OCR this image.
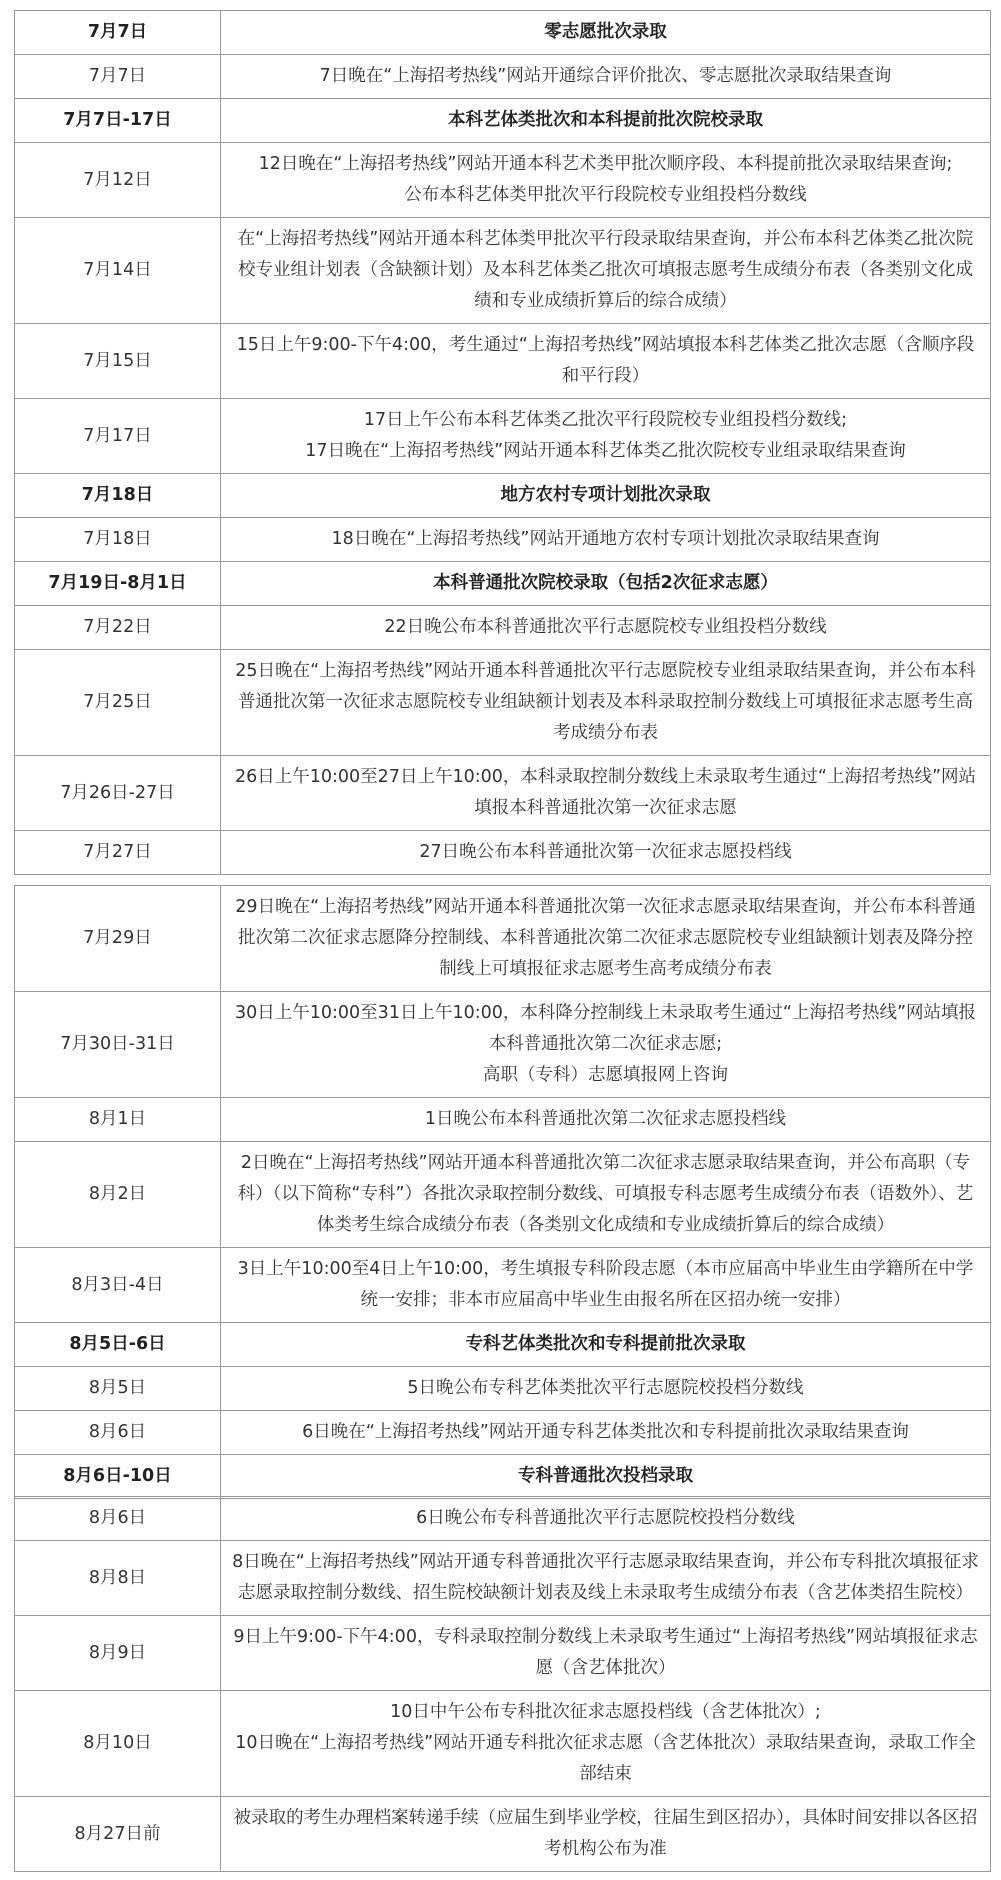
7月7日	零志愿批次录取

7月7日	7日晚在“上海招考热线”网站开通综合评价批次、零志愿批次录取结果查询

7月7日-17日	本科艺体类批次和本科提前批次院校录取

7月12日	12日晚在“上海招考热线”网站开通本科艺术类甲批次顺序段、本科提前批次录取结果查询;
公布本科艺体类甲批次平行段院校专业组投档分数线

7月14日	在“上海招考热线”网站开通本科艺体类甲批次平行段录取结果查询，并公布本科艺体类乙批次院校专业组计划表（含缺额计划）及本科艺体类乙批次可填报志愿考生成绩分布表（各类别文化成绩和专业成绩折算后的综合成绩）

7月15日	15日上午9:00-下午4:00，考生通过“上海招考热线”网站填报本科艺体类乙批次志愿（含顺序段和平行段）

7月17日	17日上午公布本科艺体类乙批次平行段院校专业组投档分数线;
17日晚在“上海招考热线”网站开通本科艺体类乙批次院校专业组录取结果查询

7月18日	地方农村专项计划批次录取

7月18日	18日晚在“上海招考热线”网站开通地方农村专项计划批次录取结果查询

7月19日-8月1日	本科普通批次院校录取（包括2次征求志愿）

7月22日	22日晚公布本科普通批次平行志愿院校专业组投档分数线

7月25日	25日晚在“上海招考热线”网站开通本科普通批次平行志愿院校专业组录取结果查询，并公布本科普通批次第一次征求志愿院校专业组缺额计划表及本科录取控制分数线上可填报征求志愿考生高考成绩分布表

7月26日-27日	26日上午10:00至27日上午10:00，本科录取控制分数线上未录取考生通过“上海招考热线”网站填报本科普通批次第一次征求志愿

7月27日	27日晚公布本科普通批次第一次征求志愿投档线
7月29日	29日晚在“上海招考热线”网站开通本科普通批次第一次征求志愿录取结果查询，并公布本科普通批次第二次征求志愿降分控制线、本科普通批次第二次征求志愿院校专业组缺额计划表及降分控制线上可填报征求志愿考生高考成绩分布表

7月30日-31日	30日上午10:00至31日上午10:00，本科降分控制线上未录取考生通过“上海招考热线”网站填报本科普通批次第二次征求志愿;
高职（专科）志愿填报网上咨询

8月1日	1日晚公布本科普通批次第二次征求志愿投档线

8月2日	2日晚在“上海招考热线”网站开通本科普通批次第二次征求志愿录取结果查询，并公布高职（专科）（以下简称“专科”）各批次录取控制分数线、可填报专科志愿考生成绩分布表（语数外）、艺体类考生综合成绩分布表（各类别文化成绩和专业成绩折算后的综合成绩）

8月3日-4日	3日上午10:00至4日上午10:00，考生填报专科阶段志愿（本市应届高中毕业生由学籍所在中学统一安排；非本市应届高中毕业生由报名所在区招办统一安排）

8月5日-6日	专科艺体类批次和专科提前批次录取

8月5日	5日晚公布专科艺体类批次平行志愿院校投档分数线

8月6日	6日晚在“上海招考热线”网站开通专科艺体类批次和专科提前批次录取结果查询

8月6日-10日	专科普通批次投档录取
8月6日	6日晚公布专科普通批次平行志愿院校投档分数线

8月8日	8日晚在“上海招考热线”网站开通专科普通批次平行志愿录取结果查询，并公布专科批次填报征求志愿录取控制分数线、招生院校缺额计划表及线上未录取考生成绩分布表（含艺体类招生院校）

8月9日	9日上午9:00-下午4:00，专科录取控制分数线上未录取考生通过“上海招考热线”网站填报征求志愿（含艺体批次）

8月10日	10日中午公布专科批次征求志愿投档线（含艺体批次）;
10日晚在“上海招考热线”网站开通专科批次征求志愿（含艺体批次）录取结果查询，录取工作全部结束

8月27日前	被录取的考生办理档案转递手续（应届生到毕业学校，往届生到区招办），具体时间安排以各区招考机构公布为准
